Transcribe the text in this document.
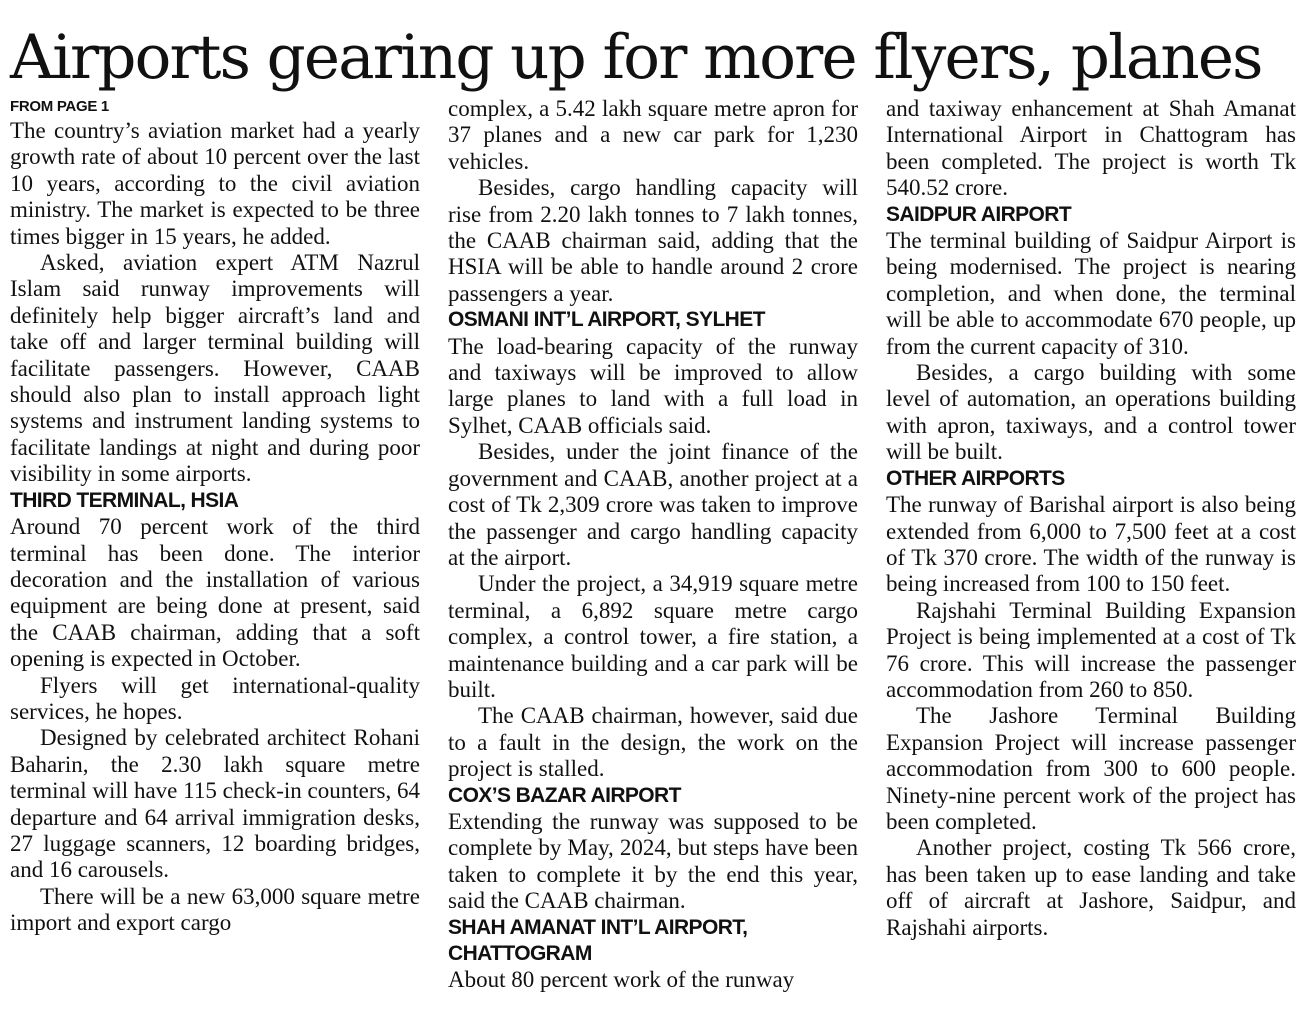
Airports gearing up for more flyers, planes
FROM PAGE 1

The country’s aviation market had a yearly growth rate of about 10 percent over the last 10 years, according to the civil aviation ministry. The market is expected to be three times bigger in 15 years, he added.

Asked, aviation expert ATM Nazrul Islam said runway improvements will definitely help bigger aircraft’s land and take off and larger terminal building will facilitate passengers. However, CAAB should also plan to install approach light systems and instrument landing systems to facilitate landings at night and during poor visibility in some airports.

THIRD TERMINAL, HSIA

Around 70 percent work of the third terminal has been done. The interior decoration and the installation of various equipment are being done at present, said the CAAB chairman, adding that a soft opening is expected in October.

Flyers will get international-quality services, he hopes.

Designed by celebrated architect Rohani Baharin, the 2.30 lakh square metre terminal will have 115 check-in counters, 64 departure and 64 arrival immigration desks, 27 luggage scanners, 12 boarding bridges, and 16 carousels.

There will be a new 63,000 square metre import and export cargo

complex, a 5.42 lakh square metre apron for 37 planes and a new car park for 1,230 vehicles.

Besides, cargo handling capacity will rise from 2.20 lakh tonnes to 7 lakh tonnes, the CAAB chairman said, adding that the HSIA will be able to handle around 2 crore passengers a year.

OSMANI INT’L AIRPORT, SYLHET

The load-bearing capacity of the runway and taxiways will be improved to allow large planes to land with a full load in Sylhet, CAAB officials said.

Besides, under the joint finance of the government and CAAB, another project at a cost of Tk 2,309 crore was taken to improve the passenger and cargo handling capacity at the airport.

Under the project, a 34,919 square metre terminal, a 6,892 square metre cargo complex, a control tower, a fire station, a maintenance building and a car park will be built.

The CAAB chairman, however, said due to a fault in the design, the work on the project is stalled.

COX’S BAZAR AIRPORT

Extending the runway was supposed to be complete by May, 2024, but steps have been taken to complete it by the end this year, said the CAAB chairman.

SHAH AMANAT INT’L AIRPORT,
CHATTOGRAM

About 80 percent work of the runway

and taxiway enhancement at Shah Amanat International Airport in Chattogram has been completed. The project is worth Tk 540.52 crore.

SAIDPUR AIRPORT

The terminal building of Saidpur Airport is being modernised. The project is nearing completion, and when done, the terminal will be able to accommodate 670 people, up from the current capacity of 310.

Besides, a cargo building with some level of automation, an operations building with apron, taxiways, and a control tower will be built.

OTHER AIRPORTS

The runway of Barishal airport is also being extended from 6,000 to 7,500 feet at a cost of Tk 370 crore. The width of the runway is being increased from 100 to 150 feet.

Rajshahi Terminal Building Expansion Project is being implemented at a cost of Tk 76 crore. This will increase the passenger accommodation from 260 to 850.

The Jashore Terminal Building Expansion Project will increase passenger accommodation from 300 to 600 people. Ninety-nine percent work of the project has been completed.

Another project, costing Tk 566 crore, has been taken up to ease landing and take off of aircraft at Jashore, Saidpur, and Rajshahi airports.
